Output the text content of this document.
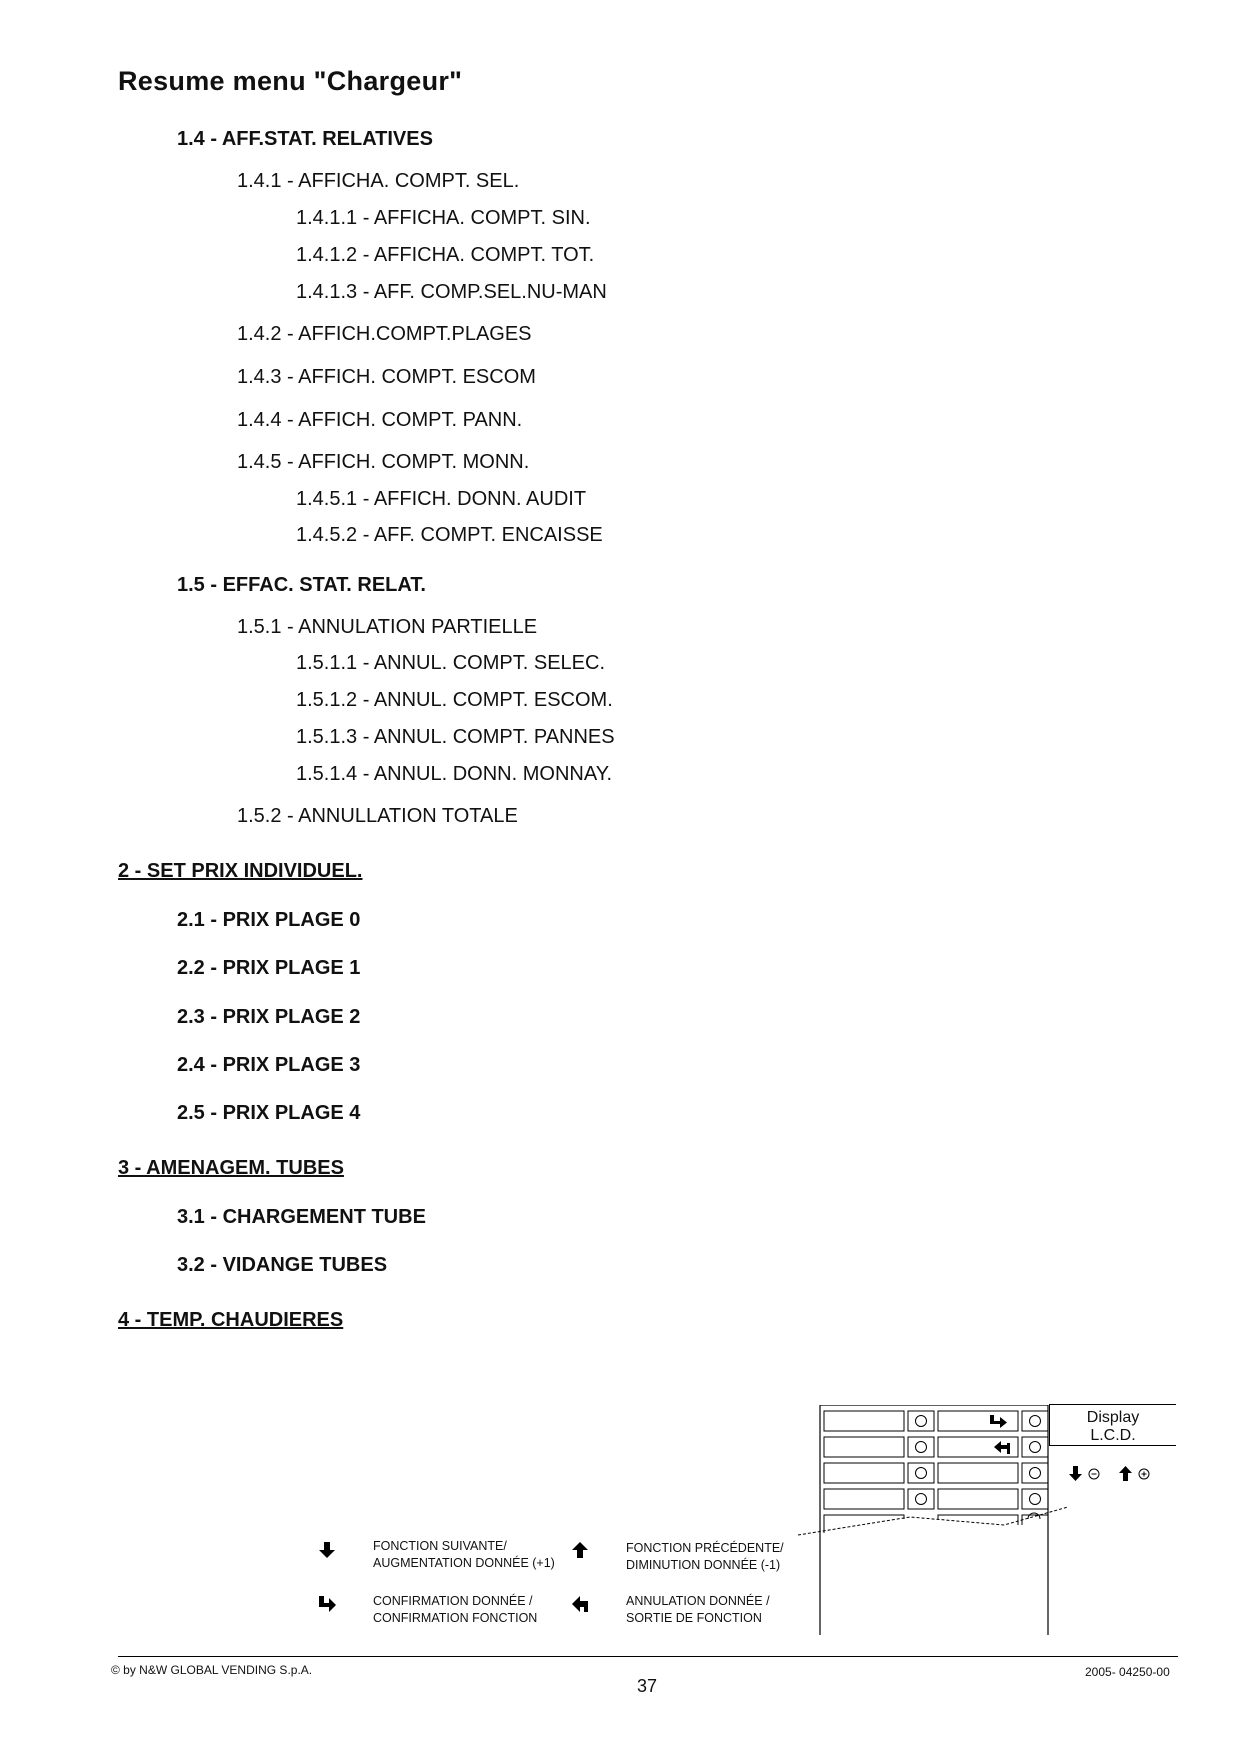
Resume menu "Chargeur"
1.4 - AFF.STAT. RELATIVES
1.4.1 - AFFICHA. COMPT. SEL.
1.4.1.1 - AFFICHA. COMPT. SIN.
1.4.1.2 - AFFICHA. COMPT. TOT.
1.4.1.3 - AFF. COMP.SEL.NU-MAN
1.4.2 - AFFICH.COMPT.PLAGES
1.4.3 - AFFICH. COMPT. ESCOM
1.4.4 - AFFICH. COMPT. PANN.
1.4.5 - AFFICH. COMPT. MONN.
1.4.5.1 - AFFICH. DONN. AUDIT
1.4.5.2 - AFF. COMPT. ENCAISSE
1.5 - EFFAC. STAT. RELAT.
1.5.1 - ANNULATION PARTIELLE
1.5.1.1 - ANNUL. COMPT. SELEC.
1.5.1.2 - ANNUL. COMPT. ESCOM.
1.5.1.3 - ANNUL. COMPT. PANNES
1.5.1.4 - ANNUL. DONN. MONNAY.
1.5.2 - ANNULLATION TOTALE
2 - SET PRIX INDIVIDUEL.
2.1 - PRIX PLAGE 0
2.2 - PRIX PLAGE 1
2.3 - PRIX PLAGE 2
2.4 - PRIX PLAGE 3
2.5 - PRIX PLAGE 4
3 - AMENAGEM. TUBES
3.1 - CHARGEMENT TUBE
3.2 - VIDANGE TUBES
4 - TEMP. CHAUDIERES
Display
L.C.D.
FONCTION SUIVANTE/
AUGMENTATION DONNÉE (+1)
FONCTION PRÉCÉDENTE/
DIMINUTION DONNÉE (-1)
CONFIRMATION DONNÉE /
CONFIRMATION FONCTION
ANNULATION DONNÉE /
SORTIE DE FONCTION
© by N&W GLOBAL VENDING S.p.A.	2005- 04250-00
37
